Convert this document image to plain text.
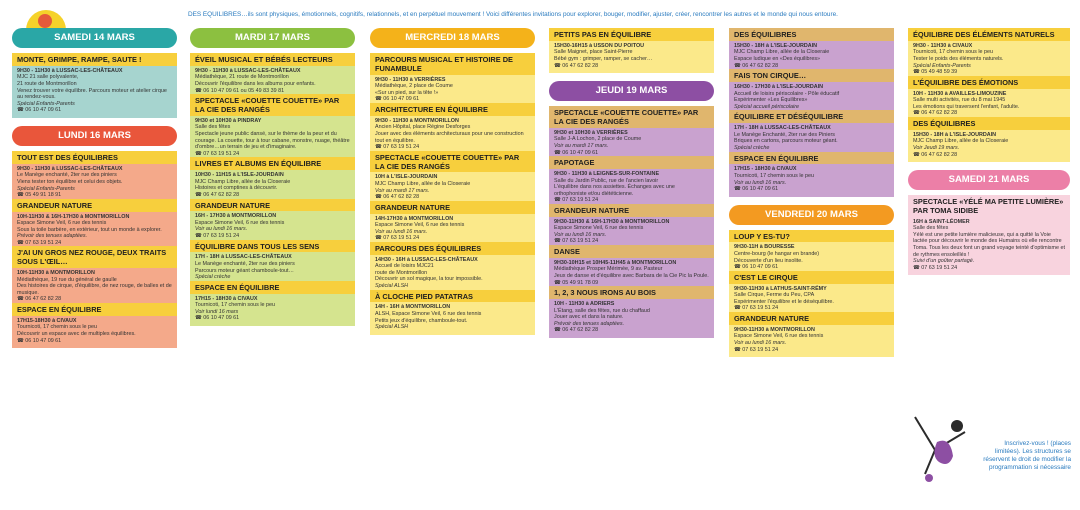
DES ÉQUILIBRES…ils sont physiques, émotionnels, cognitifs, relationnels, et en perpétuel mouvement ! Voici différentes invitations pour explorer, bouger, modifier, ajuster, créer, rencontrer les autres et le monde qui nous entoure.
SAMEDI 14 MARS
MONTE, GRIMPE, RAMPE, SAUTE !
9H30 - 11H30 à LUSSAC-LES-CHÂTEAUX
MJC 21 salle polyvalente,
21 route de Montmorillon
Venez trouver votre équilibre. Parcours moteur et atelier cirque au rendez-vous.
Spécial Enfants-Parents
☎ 06 10 47 09 61
LUNDI 16 MARS
TOUT EST DES ÉQUILIBRES
9H30 - 11H30 à LUSSAC-LES-CHÂTEAUX
Le Manège enchanté, 2ter rue des piniers
Viens tester ton équilibre et celui des objets.
Spécial Enfants-Parents
☎ 05 49 91 18 91
GRANDEUR NATURE
10H-11H30 & 16H-17H30 à MONTMORILLON
Espace Simone Veil, 6 rue des tennis
Sous la toile barbère, en extérieur, tout un monde à explorer.
Prévoir des tenues adaptées.
☎ 07 63 19 51 24
J'AI UN GROS NEZ ROUGE, DEUX TRAITS SOUS L'ŒIL…
10H-11H30 à MONTMORILLON
Médiathèque, 19 rue du général de gaulle
Des histoires de cirque, d'équilibre, de nez rouge, de balles et de musique.
☎ 06 47 62 82 28
ESPACE EN ÉQUILIBRE
17H15-18H30 à CIVAUX
Tournicoti, 17 chemin sous le peu
Découvrir un espace avec de multiples équilibres.
☎ 06 10 47 09 61
MARDI 17 MARS
ÉVEIL MUSICAL ET BÉBÉS LECTEURS
9H30 - 11H30 à LUSSAC-LES-CHÂTEAUX
Médiathèque, 21 route de Montmorillon
Découvrir l'équilibre dans les albums pour enfants.
☎ 06 10 47 09 61 ou 05 49 83 39 81
SPECTACLE «COUETTE COUETTE» PAR LA CIE DES RANGÉS
9H30 et 10H30 à PINDRAY
Salle des fêtes
Spectacle jeune public dansé, sur le thème de la peur et du courage. La couette, tour à tour cabane, monstre, nuage, théâtre d'ombre…un terrain de jeu et d'imaginaire.
☎ 07 63 19 51 24
LIVRES ET ALBUMS EN ÉQUILIBRE
10H30 - 11H15 à L'ISLE-JOURDAIN
MJC Champ Libre, allée de la Closeraie
Histoires et comptines à découvrir.
☎ 06 47 62 82 28
GRANDEUR NATURE
16H - 17H30 à MONTMORILLON
Espace Simone Veil, 6 rue des tennis
Voir au lundi 16 mars.
☎ 07 63 19 51 24
ÉQUILIBRE DANS TOUS LES SENS
17H - 18H à LUSSAC-LES-CHÂTEAUX
Le Manège enchanté, 2ter rue des piniers
Parcours moteur géant chamboule-tout…
Spécial crèche
ESPACE EN ÉQUILIBRE
17H15 - 18H30 à CIVAUX
Tournicoti, 17 chemin sous le peu
Voir lundi 16 mars
☎ 06 10 47 09 61
MERCREDI 18 MARS
PARCOURS MUSICAL ET HISTOIRE DE FUNAMBULE
9H30 - 11H30 à VERRIÈRES
Médiathèque, 2 place de Coume
«Sur un pied, sur la tête !»
☎ 06 10 47 09 61
ARCHITECTURE EN ÉQUILIBRE
9H30 - 11H30 à MONTMORILLON
Ancien Hôpital, place Régine Desforges
Jouer avec des éléments architecturaux pour une construction tout en équilibre.
☎ 07 63 19 51 24
SPECTACLE «COUETTE COUETTE» PAR LA CIE DES RANGÉS
10H à L'ISLE-JOURDAIN
MJC Champ Libre, allée de la Closeraie
Voir au mardi 17 mars.
☎ 06 47 62 82 28
GRANDEUR NATURE
14H-17H30 à MONTMORILLON
Espace Simone Veil, 6 rue des tennis
Voir au lundi 16 mars.
☎ 07 63 19 51 24
PARCOURS DES ÉQUILIBRES
14H30 - 16H à LUSSAC-LES-CHÂTEAUX
Accueil de loisirs MJC21
route de Montmorillon
Découvrir un sol magique, la tour impossible.
Spécial ALSH
À CLOCHE PIED PATATRAS
14H - 16H à MONTMORILLON
ALSH, Espace Simone Veil, 6 rue des tennis
Petits jeux d'équilibre, chamboule-tout.
Spécial ALSH
PETITS PAS EN ÉQUILIBRE
15H30-16H15 à USSON DU POITOU
Salle Maignet, place Saint-Pierre
Bébé gym : grimper, ramper, se cacher…
☎ 06 47 62 82 28
JEUDI 19 MARS
SPECTACLE «COUETTE COUETTE» PAR LA CIE DES RANGÉS
9H30 et 10H30 à VERRIÈRES
Salle J-A Lochon, 2 place de Coume
Voir au mardi 17 mars.
☎ 06 10 47 09 61
PAPOTAGE
9H30 - 11H30 à LEIGNES-SUR-FONTAINE
Salle du Jardin Public, rue de l'ancien lavoir
L'équilibre dans nos assiettes. Échanges avec une orthophoniste et/ou diététicienne.
☎ 07 63 19 51 24
GRANDEUR NATURE
9H30-11H30 & 16H-17H30 à MONTMORILLON
Espace Simone Veil, 6 rue des tennis
Voir au lundi 16 mars.
☎ 07 63 19 51 24
DANSE
9H30-10H15 et 10H45-11H45 à MONTMORILLON
Médiathèque Prosper Mérimée, 9 av. Pasteur
Jeux de danse et d'équilibre avec Barbara de la Cie Pic la Poule.
☎ 05 49 91 78 09
1, 2, 3 NOUS IRONS AU BOIS
10H - 11H30 à ADRIERS
L'Étang, salle des fêtes, rue du chaffaud
Jouer avec et dans la nature.
Prévoir des tenues adaptées.
☎ 06 47 62 82 28
DES ÉQUILIBRES
15H30 - 18H à L'ISLE-JOURDAIN
MJC Champ Libre, allée de la Closeraie
Espace ludique en «Des équilibres»
☎ 06 47 62 82 28
FAIS TON CIRQUE…
16H30 - 17H30 à L'ISLE-JOURDAIN
Accueil de loisirs périscolaire - Pôle éducatif
Expérimenter «Les Équilibres»
Spécial accueil périscolaire
ÉQUILIBRE ET DÉSÉQUILIBRE
17H - 18H à LUSSAC-LES-CHÂTEAUX
Le Manège Enchanté, 2ter rue des Piniers
Briques en cartons, parcours moteur géant.
Spécial crèche
ESPACE EN ÉQUILIBRE
17H15 - 18H30 à CIVAUX
Tournicoti, 17 chemin sous le peu
Voir au lundi 16 mars.
☎ 06 10 47 09 61
VENDREDI 20 MARS
LOUP Y ES-TU?
9H30-11H à BOURESSE
Centre-bourg (le hangar en brande)
Découverte d'un lieu insolite.
☎ 06 10 47 09 61
C'EST LE CIRQUE
9H30-11H30 à LATHUS-SAINT-RÉMY
Salle Cirque, Ferme du Peu, CPA
Expérimenter l'équilibre et le déséquilibre.
☎ 07 63 19 51 24
GRANDEUR NATURE
9H30-11H30 à MONTMORILLON
Espace Simone Veil, 6 rue des tennis
Voir au lundi 16 mars.
☎ 07 63 19 51 24
ÉQUILIBRE DES ÉLÉMENTS NATURELS
9H30 - 11H30 à CIVAUX
Tournicoti, 17 chemin sous le peu
Tester le poids des éléments naturels.
Spécial Enfants-Parents
☎ 05 49 48 59 39
L'ÉQUILIBRE DES ÉMOTIONS
10H - 11H30 à AVAILLES-LIMOUZINE
Salle multi activités, rue du 8 mai 1945
Les émotions qui traversent l'enfant, l'adulte.
☎ 06 47 62 82 28
DES ÉQUILIBRES
15H30 - 18H à L'ISLE-JOURDAIN
MJC Champ Libre, allée de la Closeraie
Voir Jeudi 19 mars.
☎ 06 47 62 82 28
SAMEDI 21 MARS
SPECTACLE «YÉLÉ MA PETITE LUMIÈRE» PAR TOMA SIDIBE
16H à SAINT-LÉOMER
Salle des fêtes
Yélé est une petite lumière malicieuse, qui a quitté la Voie lactée pour découvrir le monde des Humains où elle rencontre Toma. Tous les deux font un grand voyage teinté d'optimisme et de rythmes ensoleillés !
Suivi d'un goûter partagé.
☎ 07 63 19 51 24
Inscrivez-vous ! (places limitées). Les structures se réservent le droit de modifier la programmation si nécessaire
